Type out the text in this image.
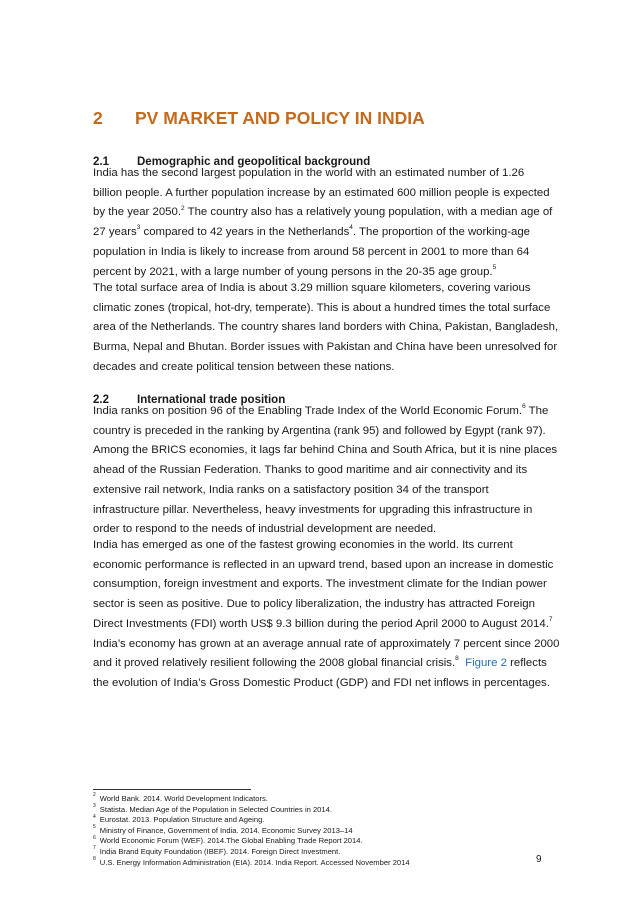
2 PV MARKET AND POLICY IN INDIA
2.1 Demographic and geopolitical background
India has the second largest population in the world with an estimated number of 1.26
billion people. A further population increase by an estimated 600 million people is expected
by the year 2050.$^2$ The country also has a relatively young population, with a median age of
27 years$^3$ compared to 42 years in the Netherlands$^4$. The proportion of the working-age
population in India is likely to increase from around 58 percent in 2001 to more than 64
percent by 2021, with a large number of young persons in the 20-35 age group.$^5$
The total surface area of India is about 3.29 million square kilometers, covering various
climatic zones (tropical, hot-dry, temperate). This is about a hundred times the total surface
area of the Netherlands. The country shares land borders with China, Pakistan, Bangladesh,
Burma, Nepal and Bhutan. Border issues with Pakistan and China have been unresolved for
decades and create political tension between these nations.
2.2 International trade position
India ranks on position 96 of the Enabling Trade Index of the World Economic Forum.$^6$ The
country is preceded in the ranking by Argentina (rank 95) and followed by Egypt (rank 97).
Among the BRICS economies, it lags far behind China and South Africa, but it is nine places
ahead of the Russian Federation. Thanks to good maritime and air connectivity and its
extensive rail network, India ranks on a satisfactory position 34 of the transport
infrastructure pillar. Nevertheless, heavy investments for upgrading this infrastructure in
order to respond to the needs of industrial development are needed.
India has emerged as one of the fastest growing economies in the world. Its current
economic performance is reflected in an upward trend, based upon an increase in domestic
consumption, foreign investment and exports. The investment climate for the Indian power
sector is seen as positive. Due to policy liberalization, the industry has attracted Foreign
Direct Investments (FDI) worth US$ 9.3 billion during the period April 2000 to August 2014.$^7$
India’s economy has grown at an average annual rate of approximately 7 percent since 2000
and it proved relatively resilient following the 2008 global financial crisis.$^8$ Figure 2 reflects
the evolution of India’s Gross Domestic Product (GDP) and FDI net inflows in percentages.
$^2$ World Bank. 2014. World Development Indicators.
$^3$ Statista. Median Age of the Population in Selected Countries in 2014.
$^4$ Eurostat. 2013. Population Structure and Ageing.
$^5$ Ministry of Finance, Government of India. 2014. Economic Survey 2013–14
$^6$ World Economic Forum (WEF). 2014.The Global Enabling Trade Report 2014.
$^7$ India Brand Equity Foundation (IBEF). 2014. Foreign Direct Investment.
$^8$ U.S. Energy Information Administration (EIA). 2014. India Report. Accessed November 2014	9
